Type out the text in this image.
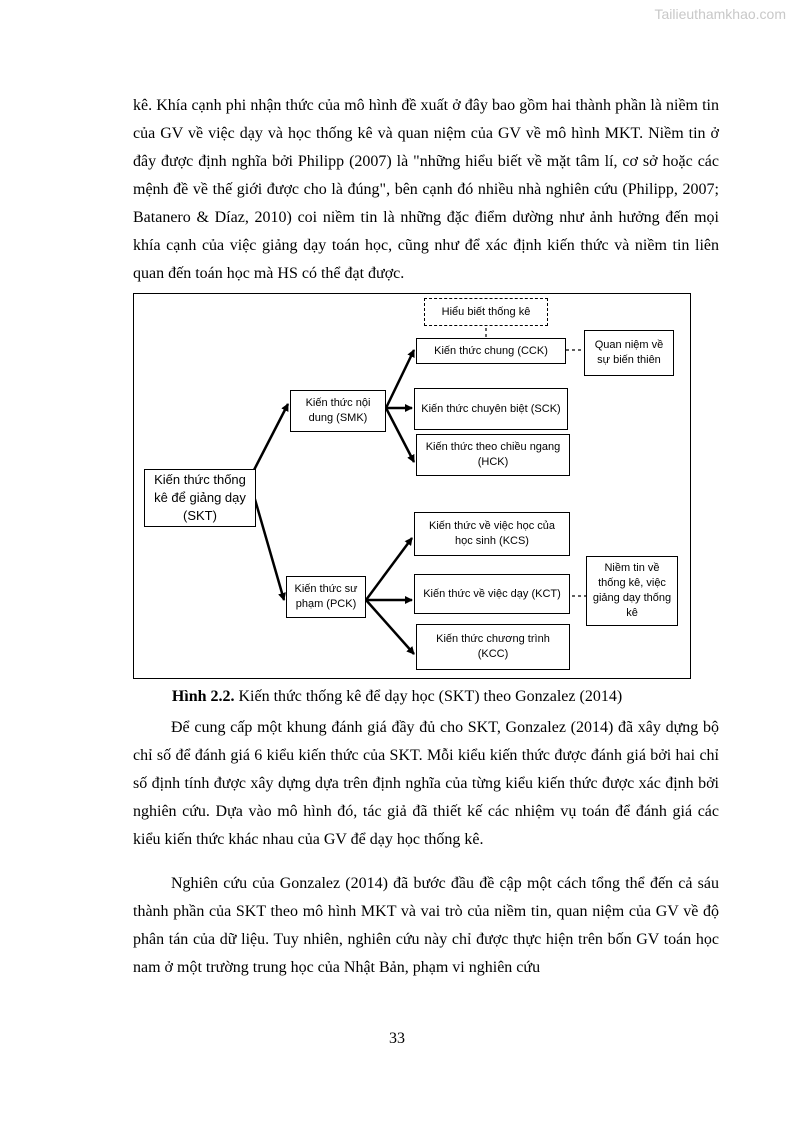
Tailieuthamkhao.com

kê. Khía cạnh phi nhận thức của mô hình đề xuất ở đây bao gồm hai thành phần là niềm tin của GV về việc dạy và học thống kê và quan niệm của GV về mô hình MKT. Niềm tin ở đây được định nghĩa bởi Philipp (2007) là "những hiểu biết về mặt tâm lí, cơ sở hoặc các mệnh đề về thế giới được cho là đúng", bên cạnh đó nhiều nhà nghiên cứu (Philipp, 2007; Batanero & Díaz, 2010) coi niềm tin là những đặc điểm dường như ảnh hưởng đến mọi khía cạnh của việc giảng dạy toán học, cũng như để xác định kiến thức và niềm tin liên quan đến toán học mà HS có thể đạt được.

Kiến thức thống kê để giảng dạy (SKT)
Kiến thức nội dung (SMK)
Kiến thức sư phạm (PCK)
Hiểu biết thống kê
Kiến thức chung (CCK)
Kiến thức chuyên biệt (SCK)
Kiến thức theo chiều ngang (HCK)
Quan niệm về sự biến thiên
Kiến thức về việc học của học sinh (KCS)
Kiến thức về việc dạy (KCT)
Kiến thức chương trình (KCC)
Niềm tin về thống kê, việc giảng dạy thống kê
Hình 2.2. Kiến thức thống kê để dạy học (SKT) theo Gonzalez (2014)

Để cung cấp một khung đánh giá đầy đủ cho SKT, Gonzalez (2014) đã xây dựng bộ chỉ số để đánh giá 6 kiểu kiến thức của SKT. Mỗi kiểu kiến thức được đánh giá bởi hai chỉ số định tính được xây dựng dựa trên định nghĩa của từng kiểu kiến thức được xác định bởi nghiên cứu. Dựa vào mô hình đó, tác giả đã thiết kế các nhiệm vụ toán để đánh giá các kiểu kiến thức khác nhau của GV để dạy học thống kê.

Nghiên cứu của Gonzalez (2014) đã bước đầu đề cập một cách tổng thể đến cả sáu thành phần của SKT theo mô hình MKT và vai trò của niềm tin, quan niệm của GV về độ phân tán của dữ liệu. Tuy nhiên, nghiên cứu này chỉ được thực hiện trên bốn GV toán học nam ở một trường trung học của Nhật Bản, phạm vi nghiên cứu

33
